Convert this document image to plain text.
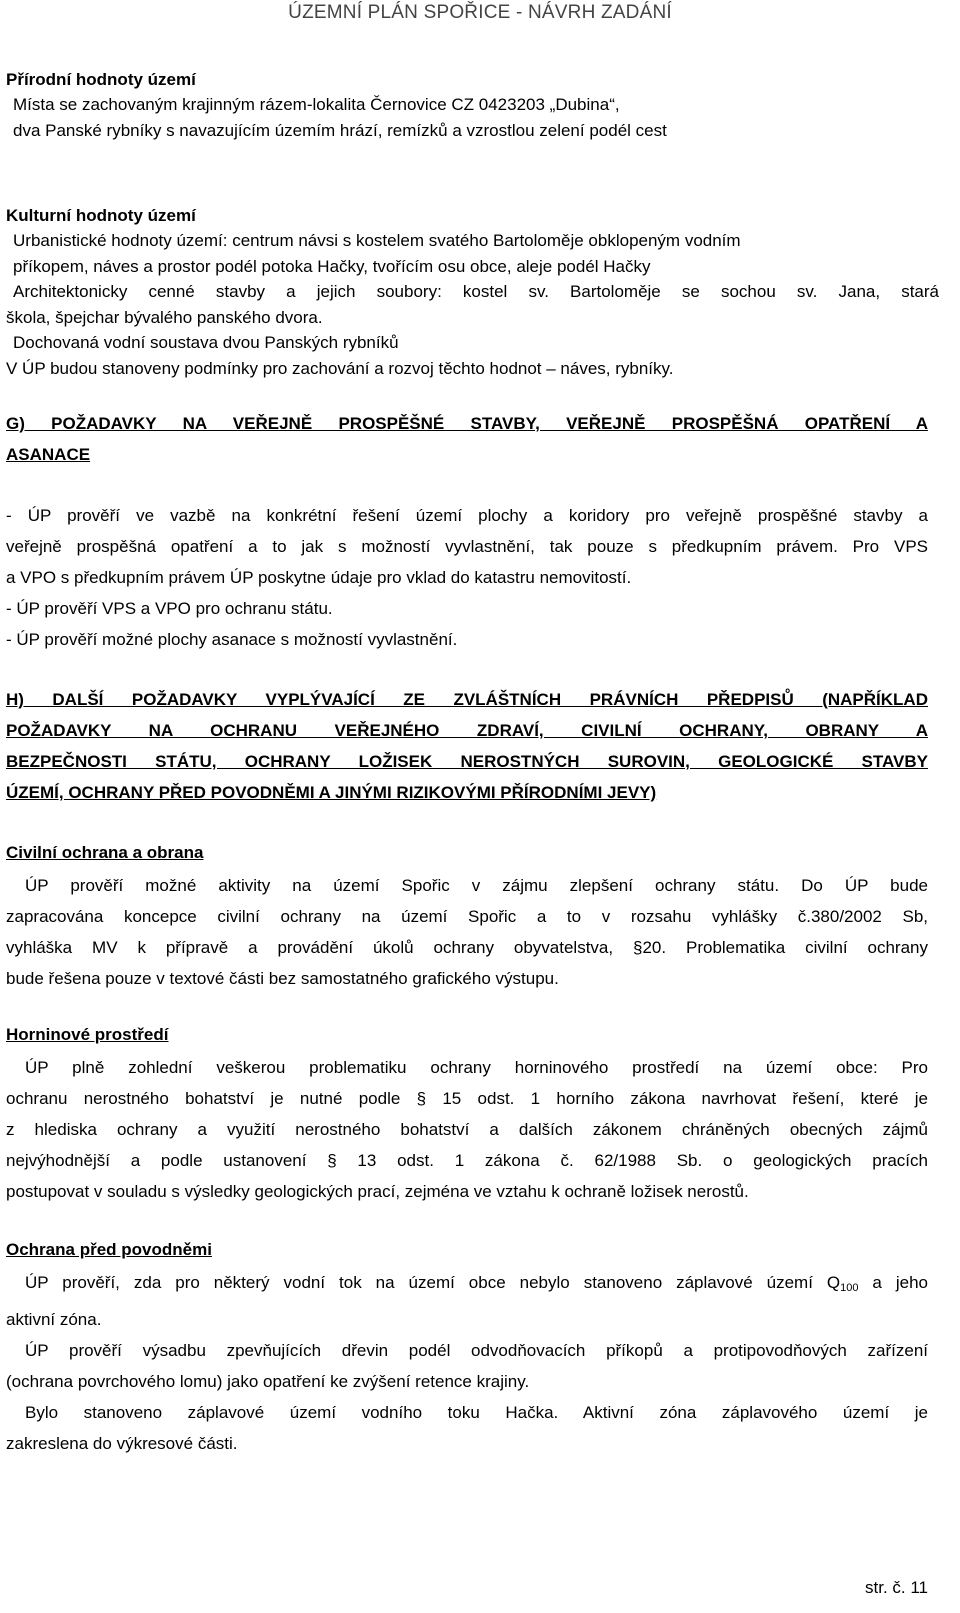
ÚZEMNÍ PLÁN SPOŘICE - NÁVRH ZADÁNÍ
Přírodní hodnoty území
Místa se zachovaným krajinným rázem-lokalita Černovice CZ 0423203 „Dubina“,
dva Panské rybníky s navazujícím územím hrází, remízků a vzrostlou zelení podél cest
Kulturní hodnoty území
Urbanistické hodnoty území: centrum návsi s kostelem svatého Bartoloměje obklopeným vodním
příkopem, náves a prostor podél potoka Hačky, tvořícím osu obce, aleje podél Hačky
Architektonicky cenné stavby a jejich soubory: kostel sv. Bartoloměje se sochou sv. Jana, stará
škola, špejchar bývalého panského dvora.
Dochovaná vodní soustava dvou Panských rybníků
V ÚP budou stanoveny podmínky pro zachování a rozvoj těchto hodnot – náves, rybníky.
G) POŽADAVKY NA VEŘEJNĚ PROSPĚŠNÉ STAVBY, VEŘEJNĚ PROSPĚŠNÁ OPATŘENÍ A
ASANACE
- ÚP prověří ve vazbě na konkrétní řešení území plochy a koridory pro veřejně prospěšné stavby a
veřejně prospěšná opatření a to jak s možností vyvlastnění, tak pouze s předkupním právem. Pro VPS
a VPO s předkupním právem ÚP poskytne údaje pro vklad do katastru nemovitostí.
- ÚP prověří VPS a VPO pro ochranu státu.
- ÚP prověří možné plochy asanace s možností vyvlastnění.
H) DALŠÍ POŽADAVKY VYPLÝVAJÍCÍ ZE ZVLÁŠTNÍCH PRÁVNÍCH PŘEDPISŮ (NAPŘÍKLAD
POŽADAVKY NA OCHRANU VEŘEJNÉHO ZDRAVÍ, CIVILNÍ OCHRANY, OBRANY A
BEZPEČNOSTI STÁTU, OCHRANY LOŽISEK NEROSTNÝCH SUROVIN, GEOLOGICKÉ STAVBY
ÚZEMÍ, OCHRANY PŘED POVODNĚMI A JINÝMI RIZIKOVÝMI PŘÍRODNÍMI JEVY)
Civilní ochrana a obrana
ÚP prověří možné aktivity na území Spořic v zájmu zlepšení ochrany státu. Do ÚP bude
zapracována koncepce civilní ochrany na území Spořic a to v rozsahu vyhlášky č.380/2002 Sb,
vyhláška MV k přípravě a provádění úkolů ochrany obyvatelstva, §20. Problematika civilní ochrany
bude řešena pouze v textové části bez samostatného grafického výstupu.
Horninové prostředí
ÚP plně zohlední veškerou problematiku ochrany horninového prostředí na území obce: Pro
ochranu nerostného bohatství je nutné podle § 15 odst. 1 horního zákona navrhovat řešení, které je
z hlediska ochrany a využití nerostného bohatství a dalších zákonem chráněných obecných zájmů
nejvýhodnější a podle ustanovení § 13 odst. 1 zákona č. 62/1988 Sb. o geologických pracích
postupovat v souladu s výsledky geologických prací, zejména ve vztahu k ochraně ložisek nerostů.
Ochrana před povodněmi
ÚP prověří, zda pro některý vodní tok na území obce nebylo stanoveno záplavové území $Q_{100}$ a jeho
aktivní zóna.
ÚP prověří výsadbu zpevňujících dřevin podél odvodňovacích příkopů a protipovodňových zařízení
(ochrana povrchového lomu) jako opatření ke zvýšení retence krajiny.
Bylo stanoveno záplavové území vodního toku Hačka. Aktivní zóna záplavového území je
zakreslena do výkresové části.
str. č. 11
